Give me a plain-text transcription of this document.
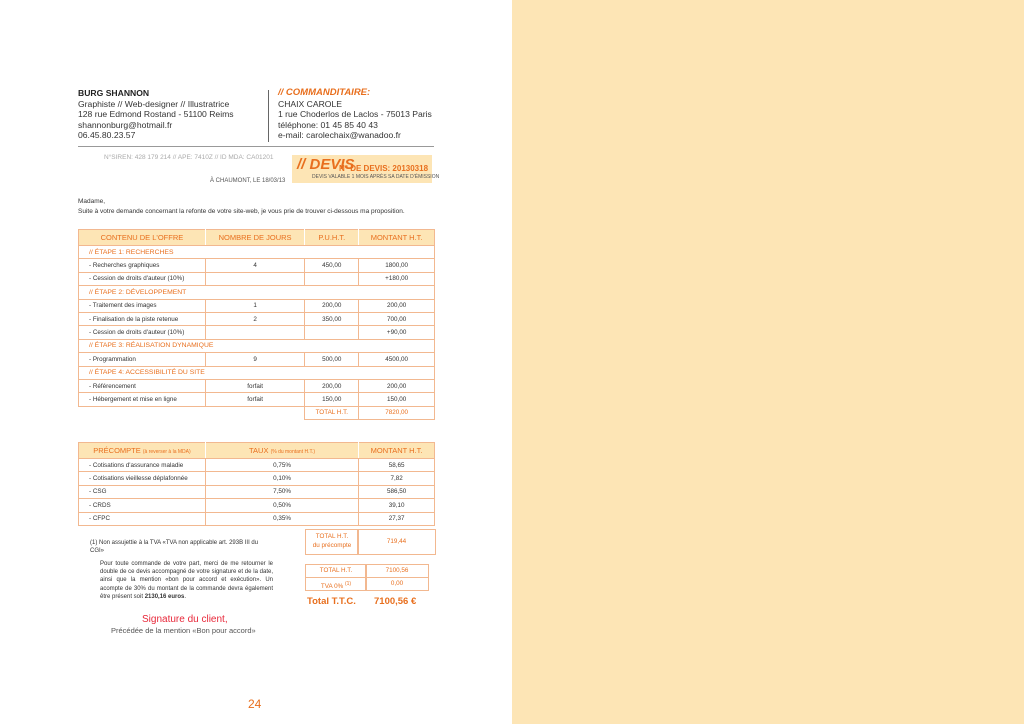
BURG SHANNON
Graphiste // Web-designer // Illustratrice
128 rue Edmond Rostand - 51100 Reims
shannonburg@hotmail.fr
06.45.80.23.57
// COMMANDITAIRE:
CHAIX CAROLE
1 rue Choderlos de Laclos - 75013 Paris
téléphone: 01 45 85 40 43
e-mail: carolechaix@wanadoo.fr
N°SIREN: 428 179 214 // APE: 7410Z // ID MDA: CA01201
À CHAUMONT, LE 18/03/13
// DEVIS
N° DE DEVIS: 20130318
DEVIS VALABLE 1 MOIS APRÈS SA DATE D'ÉMISSION
Madame,
Suite à votre demande concernant la refonte de votre site-web, je vous prie de trouver ci-dessous ma proposition.
CONTENU DE L'OFFRE	NOMBRE DE JOURS	P.U.H.T.	MONTANT H.T.
// ÉTAPE 1: RECHERCHES			
- Recherches graphiques	4	450,00	1800,00
- Cession de droits d'auteur (10%)			+180,00
// ÉTAPE 2: DÉVELOPPEMENT			
- Traitement des images	1	200,00	200,00
- Finalisation de la piste retenue	2	350,00	700,00
- Cession de droits d'auteur (10%)			+90,00
// ÉTAPE 3: RÉALISATION DYNAMIQUE			
- Programmation	9	500,00	4500,00
// ÉTAPE 4: ACCESSIBILITÉ DU SITE			
- Référencement	forfait	200,00	200,00
- Hébergement et mise en ligne	forfait	150,00	150,00
		TOTAL H.T.	7820,00
PRÉCOMPTE (à reverser à la MDA)	TAUX (% du montant H.T.)	MONTANT H.T.
- Cotisations d'assurance maladie	0,75%	58,65
- Cotisations vieillesse déplafonnée	0,10%	7,82
- CSG	7,50%	586,50
- CRDS	0,50%	39,10
- CFPC	0,35%	27,37
TOTAL H.T.
du précompte
719,44
(1) Non assujettie à la TVA «TVA non applicable art. 293B III du CGI»
Pour toute commande de votre part, merci de me retourner le double de ce devis accompagné de votre signature et de la date, ainsi que la mention «bon pour accord et exécution». Un acompte de 30% du montant de la commande devra également être présent soit 2130,16 euros.
TOTAL H.T.	7100,56
TVA 0% $^{(1)}$	0,00
Total T.T.C. 7100,56 €
Signature du client,
Précédée de la mention «Bon pour accord»
24
